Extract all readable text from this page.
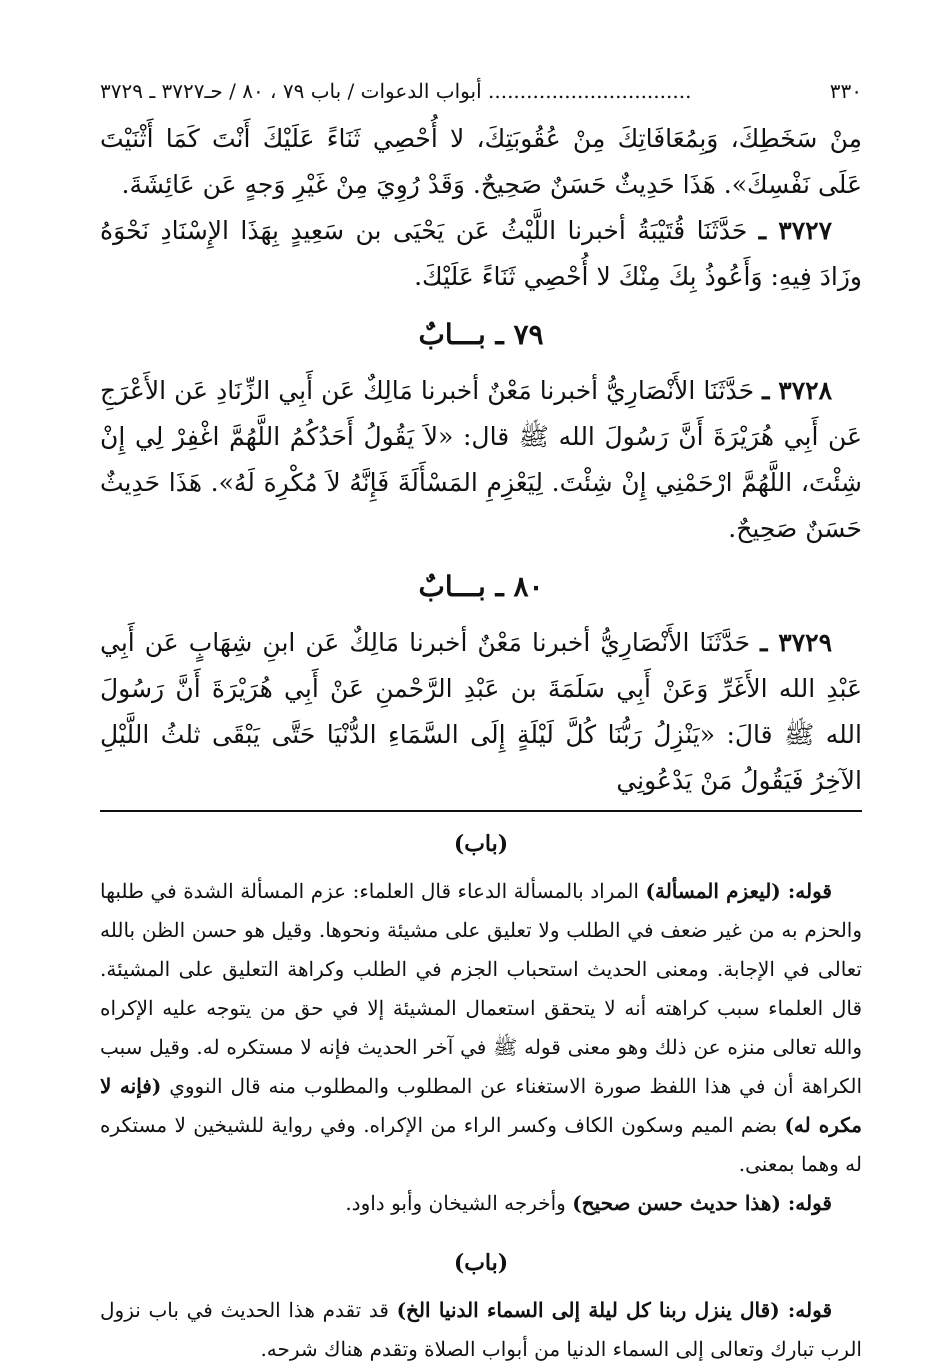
٣٣٠
................................ أبواب الدعوات / باب ٧٩ ، ٨٠ / حـ٣٧٢٧ ـ ٣٧٢٩

مِنْ سَخَطِكَ، وَبِمُعَافَاتِكَ مِنْ عُقُوبَتِكَ، لا أُحْصِي ثَنَاءً عَلَيْكَ أَنْتَ كَمَا أَثْنَيْتَ عَلَى نَفْسِكَ». هَذَا حَدِيثٌ حَسَنٌ صَحِيحٌ. وَقَدْ رُوِيَ مِنْ غَيْرِ وَجهٍ عَن عَائِشَةَ.

٣٧٢٧ ـ حَدَّثَنَا قُتَيْبَةُ أخبرنا اللَّيْثُ عَن يَحْيَى بن سَعِيدٍ بِهَذَا الإِسْنَادِ نَحْوَهُ وزَادَ فِيهِ: وَأَعُوذُ بِكَ مِنْكَ لا أُحْصِي ثَنَاءً عَلَيْكَ.

٧٩ ـ بـــابٌ

٣٧٢٨ ـ حَدَّثَنَا الأَنْصَارِيُّ أخبرنا مَعْنٌ أخبرنا مَالِكٌ عَن أَبِي الزِّنَادِ عَن الأَعْرَجِ عَن أَبِي هُرَيْرَةَ أَنَّ رَسُولَ الله ﷺ قال: «لاَ يَقُولُ أَحَدُكُمُ اللَّهُمَّ اغْفِرْ لِي إِنْ شِئْتَ، اللَّهُمَّ ارْحَمْنِي إِنْ شِئْتَ. لِيَعْزِمِ المَسْأَلَةَ فَإِنَّهُ لاَ مُكْرِهَ لَهُ». هَذَا حَدِيثٌ حَسَنٌ صَحِيحٌ.

٨٠ ـ بـــابٌ

٣٧٢٩ ـ حَدَّثَنَا الأَنْصَارِيُّ أخبرنا مَعْنٌ أخبرنا مَالِكٌ عَن ابنِ شِهَابٍ عَن أَبِي عَبْدِ الله الأَغَرِّ وَعَنْ أَبِي سَلَمَةَ بن عَبْدِ الرَّحْمنِ عَنْ أَبِي هُرَيْرَةَ أَنَّ رَسُولَ الله ﷺ قالَ: «يَنْزِلُ رَبُّنَا كُلَّ لَيْلَةٍ إِلَى السَّمَاءِ الدُّنْيَا حَتَّى يَبْقَى ثلثُ اللَّيْلِ الآخِرُ فَيَقُولُ مَنْ يَدْعُونِي

(باب)

قوله: (ليعزم المسألة) المراد بالمسألة الدعاء قال العلماء: عزم المسألة الشدة في طلبها والحزم به من غير ضعف في الطلب ولا تعليق على مشيئة ونحوها. وقيل هو حسن الظن بالله تعالى في الإجابة. ومعنى الحديث استحباب الجزم في الطلب وكراهة التعليق على المشيئة. قال العلماء سبب كراهته أنه لا يتحقق استعمال المشيئة إلا في حق من يتوجه عليه الإكراه والله تعالى منزه عن ذلك وهو معنى قوله ﷺ في آخر الحديث فإنه لا مستكره له. وقيل سبب الكراهة أن في هذا اللفظ صورة الاستغناء عن المطلوب والمطلوب منه قال النووي (فإنه لا مكره له) بضم الميم وسكون الكاف وكسر الراء من الإكراه. وفي رواية للشيخين لا مستكره له وهما بمعنى.

قوله: (هذا حديث حسن صحيح) وأخرجه الشيخان وأبو داود.

(باب)

قوله: (قال ينزل ربنا كل ليلة إلى السماء الدنيا الخ) قد تقدم هذا الحديث في باب نزول الرب تبارك وتعالى إلى السماء الدنيا من أبواب الصلاة وتقدم هناك شرحه.
